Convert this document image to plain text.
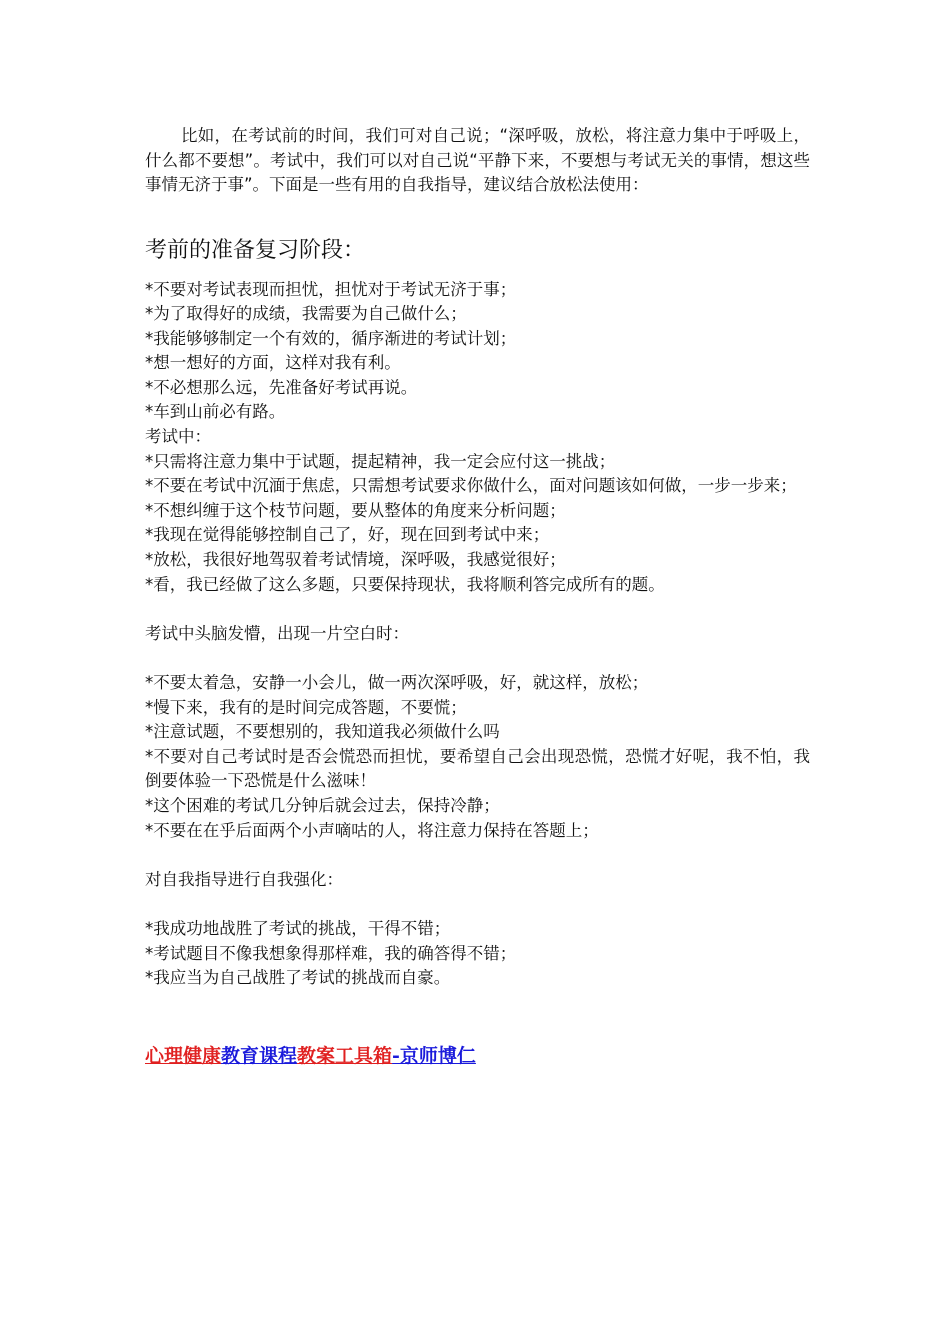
比如，在考试前的时间，我们可对自己说；“深呼吸，放松，将注意力集中于呼吸上，什么都不要想”。考试中，我们可以对自己说“平静下来，不要想与考试无关的事情，想这些事情无济于事”。下面是一些有用的自我指导，建议结合放松法使用：

考前的准备复习阶段：

*不要对考试表现而担忧，担忧对于考试无济于事；

*为了取得好的成绩，我需要为自己做什么；

*我能够够制定一个有效的，循序渐进的考试计划；

*想一想好的方面，这样对我有利。

*不必想那么远，先准备好考试再说。

*车到山前必有路。

考试中：

*只需将注意力集中于试题，提起精神，我一定会应付这一挑战；

*不要在考试中沉湎于焦虑，只需想考试要求你做什么，面对问题该如何做，一步一步来；

*不想纠缠于这个枝节问题，要从整体的角度来分析问题；

*我现在觉得能够控制自己了，好，现在回到考试中来；

*放松，我很好地驾驭着考试情境，深呼吸，我感觉很好；

*看，我已经做了这么多题，只要保持现状，我将顺利答完成所有的题。

考试中头脑发懵，出现一片空白时：

*不要太着急，安静一小会儿，做一两次深呼吸，好，就这样，放松；

*慢下来，我有的是时间完成答题，不要慌；

*注意试题，不要想别的，我知道我必须做什么吗

*不要对自己考试时是否会慌恐而担忧，要希望自己会出现恐慌，恐慌才好呢，我不怕，我倒要体验一下恐慌是什么滋味！

*这个困难的考试几分钟后就会过去，保持冷静；

*不要在在乎后面两个小声嘀咕的人，将注意力保持在答题上；

对自我指导进行自我强化：

*我成功地战胜了考试的挑战，干得不错；

*考试题目不像我想象得那样难，我的确答得不错；

*我应当为自己战胜了考试的挑战而自豪。

心理健康教育课程教案工具箱-京师博仁
